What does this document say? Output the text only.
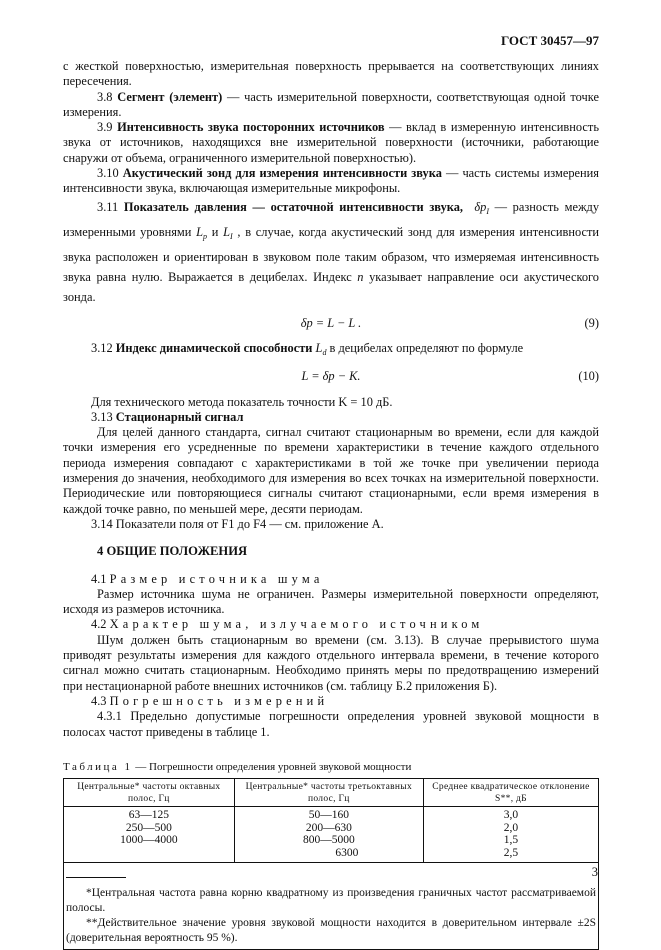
ГОСТ 30457—97

с жесткой поверхностью, измерительная поверхность прерывается на соответствующих линиях пересечения.

3.8 Сегмент (элемент) — часть измерительной поверхности, соответствующая одной точке измерения.

3.9 Интенсивность звука посторонних источников — вклад в измеренную интенсивность звука от источников, находящихся вне измерительной поверхности (источники, работающие снаружи от объема, ограниченного измерительной поверхностью).

3.10 Акустический зонд для измерения интенсивности звука — часть системы измерения интенсивности звука, включающая измерительные микрофоны.

3.11 Показатель давления — остаточной интенсивности звука, $\delta p_I$ — разность между измеренными уровнями $L_p$ и $L_I$ , в случае, когда акустический зонд для измерения интенсивности звука расположен и ориентирован в звуковом поле таким образом, что измеряемая интенсивность звука равна нулю. Выражается в децибелах. Индекс n указывает направление оси акустического зонда.

δp = L − L .	(9)

3.12 Индекс динамической способности $L_d$ в децибелах определяют по формуле

L = δp − K.	(10)

Для технического метода показатель точности K = 10 дБ.

3.13 Стационарный сигнал

Для целей данного стандарта, сигнал считают стационарным во времени, если для каждой точки измерения его усредненные по времени характеристики в течение каждого отдельного периода измерения совпадают с характеристиками в той же точке при увеличении периода измерения до значения, необходимого для измерения во всех точках на измерительной поверхности. Периодические или повторяющиеся сигналы считают стационарными, если время измерения в каждой точке равно, по меньшей мере, десяти периодам.

3.14 Показатели поля от F1 до F4 — см. приложение А.

4 ОБЩИЕ ПОЛОЖЕНИЯ

4.1 Размер источника шума

Размер источника шума не ограничен. Размеры измерительной поверхности определяют, исходя из размеров источника.

4.2 Характер шума, излучаемого источником

Шум должен быть стационарным во времени (см. 3.13). В случае прерывистого шума приводят результаты измерения для каждого отдельного интервала времени, в течение которого сигнал можно считать стационарным. Необходимо принять меры по предотвращению измерений при нестационарной работе внешних источников (см. таблицу Б.2 приложения Б).

4.3 Погрешность измерений

4.3.1 Предельно допустимые погрешности определения уровней звуковой мощности в полосах частот приведены в таблице 1.

Таблица 1 — Погрешности определения уровней звуковой мощности
Центральные* частоты октавных полос, Гц	Центральные* частоты третьоктавных полос, Гц	Среднее квадратическое отклонение S**, дБ
63—125	50—160	3,0
250—500	200—630	2,0
1000—4000	800—5000	1,5
	6300	2,5

*Центральная частота равна корню квадратному из произведения граничных частот рассматриваемой полосы.

**Действительное значение уровня звуковой мощности находится в доверительном интервале ±2S (доверительная вероятность 95 %).

3
